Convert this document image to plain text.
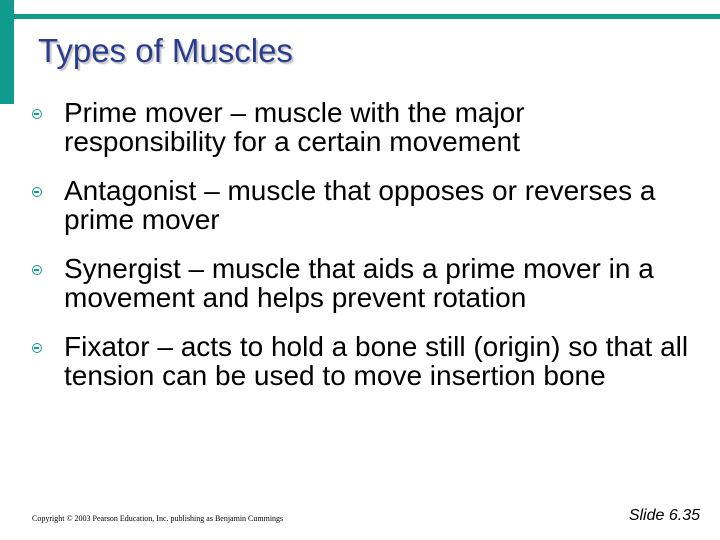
Types of Muscles
Prime mover – muscle with the major responsibility for a certain movement
Antagonist – muscle that opposes or reverses a prime mover
Synergist – muscle that aids a prime mover in a movement and helps prevent rotation
Fixator – acts to hold a bone still (origin) so that all tension can be used to move insertion bone
Copyright © 2003 Pearson Education, Inc. publishing as Benjamin Cummings	Slide 6.35
